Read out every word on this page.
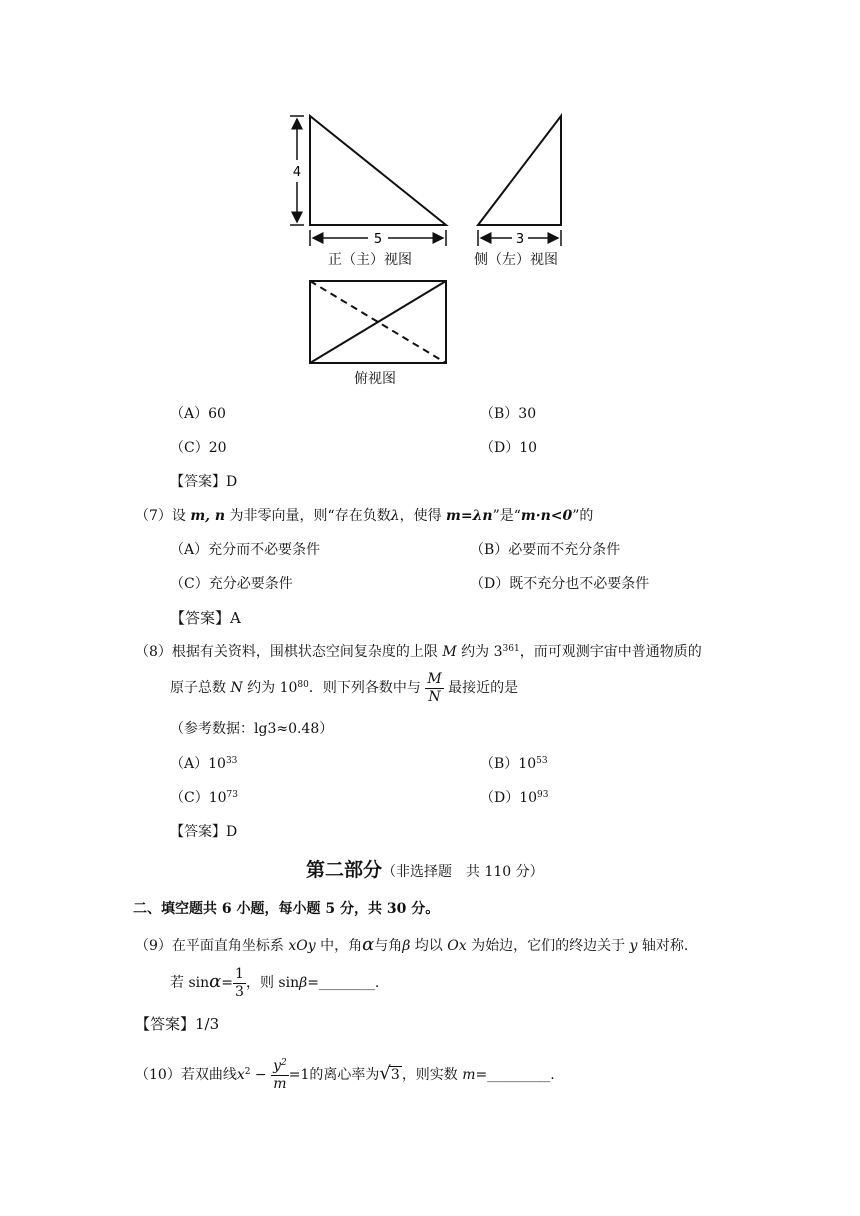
4
5	3
正（主）视图	侧（左）视图
俯视图
（A）60	（B）30
（C）20	（D）10
【答案】D
（7）设 m, n 为非零向量，则“存在负数λ，使得 m=λn”是“m·n<0”的
（A）充分而不必要条件	（B）必要而不充分条件
（C）充分必要条件	（D）既不充分也不必要条件
【答案】A
（8）根据有关资料，围棋状态空间复杂度的上限 M 约为 $3^{361}$，而可观测宇宙中普通物质的
原子总数 N 约为 $10^{80}$．则下列各数中与 $\frac{M}{N}$ 最接近的是
（参考数据：lg3≈0.48）
$(A)10^{33}$	$(B)10^{53}$
$(C)10^{73}$	$(D)10^{93}$
【答案】D
第二部分（非选择题　共 110 分）
二、填空题共 6 小题，每小题 5 分，共 30 分。
（9）在平面直角坐标系 xOy 中，角α与角β 均以 Ox 为始边，它们的终边关于 y 轴对称.
若 $\sin\alpha= \frac{1}{3}$ ，则 sinβ=________.
【答案】1/3
（10）若双曲线$x^2 - \frac{y^2}{m} =1$的离心率为√3 ，则实数 m=_________.
